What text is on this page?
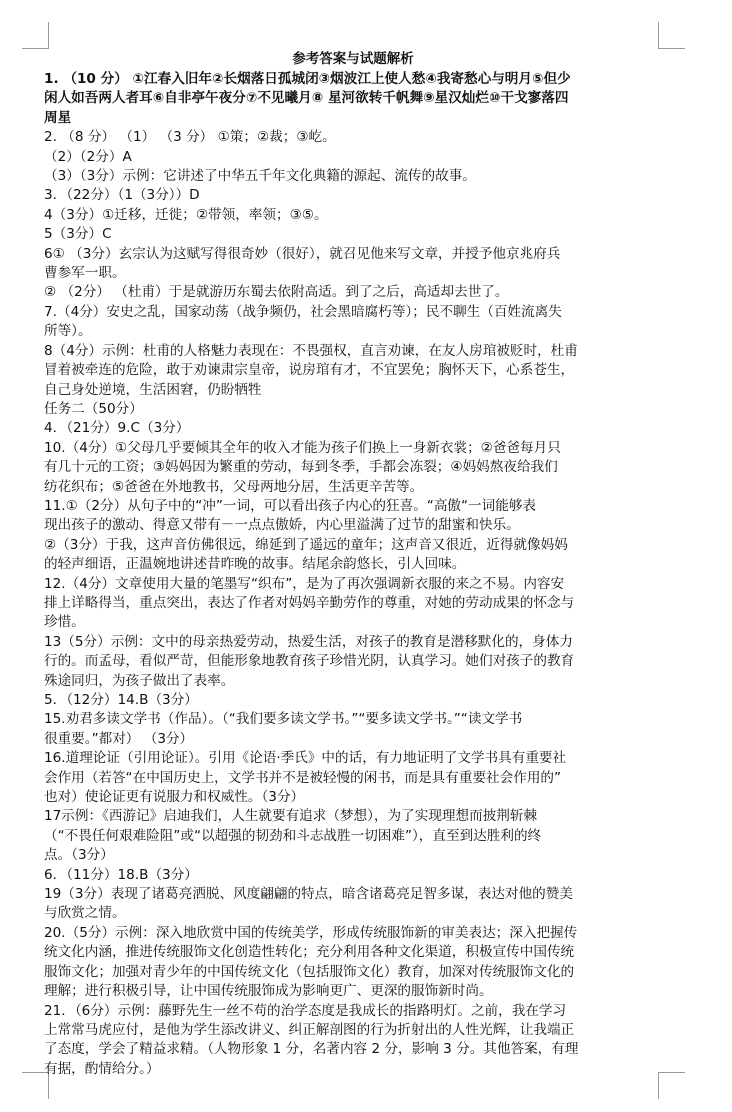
参考答案与试题解析
1. （10 分） ①江春入旧年②长烟落日孤城闭③烟波江上使人愁④我寄愁心与明月⑤但少
闲人如吾两人者耳⑥自非亭午夜分⑦不见曦月⑧ 星河欲转千帆舞⑨星汉灿烂⑩干戈寥落四
周星
2. （8 分） （1） （3 分） ①策；②裁；③屹。
（2）（2分）A
（3）（3分）示例：它讲述了中华五千年文化典籍的源起、流传的故事。
3．（22分）（1（3分））D
4（3分）①迁移，迁徙；②带领，率领；③⑤。
5（3分）C
6① （3分）玄宗认为这赋写得很奇妙（很好），就召见他来写文章，并授予他京兆府兵
曹参军一职。
② （2分） （杜甫）于是就游历东蜀去依附高适。到了之后，高适却去世了。
7.（4分）安史之乱，国家动荡（战争频仍，社会黑暗腐朽等）；民不聊生（百姓流离失
所等）。
8（4分）示例：杜甫的人格魅力表现在：不畏强权，直言劝谏，在友人房琯被贬时，杜甫
冒着被牵连的危险，敢于劝谏肃宗皇帝，说房琯有才，不宜罢免；胸怀天下，心系苍生，
自己身处逆境，生活困窘，仍盼牺牲
任务二（50分）
4．（21分）9.C（3分）
10.（4分）①父母几乎要倾其全年的收入才能为孩子们换上一身新衣裳；②爸爸每月只
有几十元的工资；③妈妈因为繁重的劳动，每到冬季，手都会冻裂；④妈妈熬夜给我们
纺花织布；⑤爸爸在外地教书，父母两地分居，生活更辛苦等。
11.①（2分）从句子中的“冲”一词，可以看出孩子内心的狂喜。“高傲“一词能够表
现出孩子的激动、得意又带有－一点点傲娇，内心里溢满了过节的甜蜜和快乐。
②（3分）于我，这声音仿佛很远，绵延到了遥远的童年；这声音又很近，近得就像妈妈
的轻声细语，正温婉地讲述昔昨晚的故事。结尾余韵悠长，引人回味。
12.（4分）文章使用大量的笔墨写“织布”，是为了再次强调新衣服的来之不易。内容安
排上详略得当，重点突出，表达了作者对妈妈辛勤劳作的尊重，对她的劳动成果的怀念与
珍惜。
13（5分）示例：文中的母亲热爱劳动，热爱生活，对孩子的教育是潜移默化的，身体力
行的。而孟母，看似严苛，但能形象地教育孩子珍惜光阴，认真学习。她们对孩子的教育
殊途同归，为孩子做出了表率。
5．（12分）14.B（3分）
15.劝君多读文学书（作品）。（“我们要多读文学书。”“要多读文学书。”“读文学书
很重要。”都对） （3分）
16.道理论证（引用论证）。引用《论语·季氏》中的话，有力地证明了文学书具有重要社
会作用（若答“在中国历史上，文学书并不是被轻慢的闲书，而是具有重要社会作用的”
也对）使论证更有说服力和权威性。（3分）
17示例：《西游记》启迪我们，人生就要有追求（梦想），为了实现理想而披荆斩棘
（“不畏任何艰难险阻”或“以超强的韧劲和斗志战胜一切困难”），直至到达胜利的终
点。（3分）
6．（11分）18.B（3分）
19（3分）表现了诸葛亮洒脱、风度翩翩的特点，暗含诸葛亮足智多谋，表达对他的赞美
与欣赏之情。
20.（5分）示例：深入地欣赏中国的传统美学，形成传统服饰新的审美表达；深入把握传
统文化内涵，推进传统服饰文化创造性转化；充分利用各种文化渠道，积极宣传中国传统
服饰文化；加强对青少年的中国传统文化（包括服饰文化）教育，加深对传统服饰文化的
理解；进行积极引导，让中国传统服饰成为影响更广、更深的服饰新时尚。
21．（6分）示例：藤野先生一丝不苟的治学态度是我成长的指路明灯。之前，我在学习
上常常马虎应付，是他为学生添改讲义、纠正解剖图的行为折射出的人性光辉，让我端正
了态度，学会了精益求精。（人物形象 1 分，名著内容 2 分，影响 3 分。其他答案，有理
有据，酌情给分。）
